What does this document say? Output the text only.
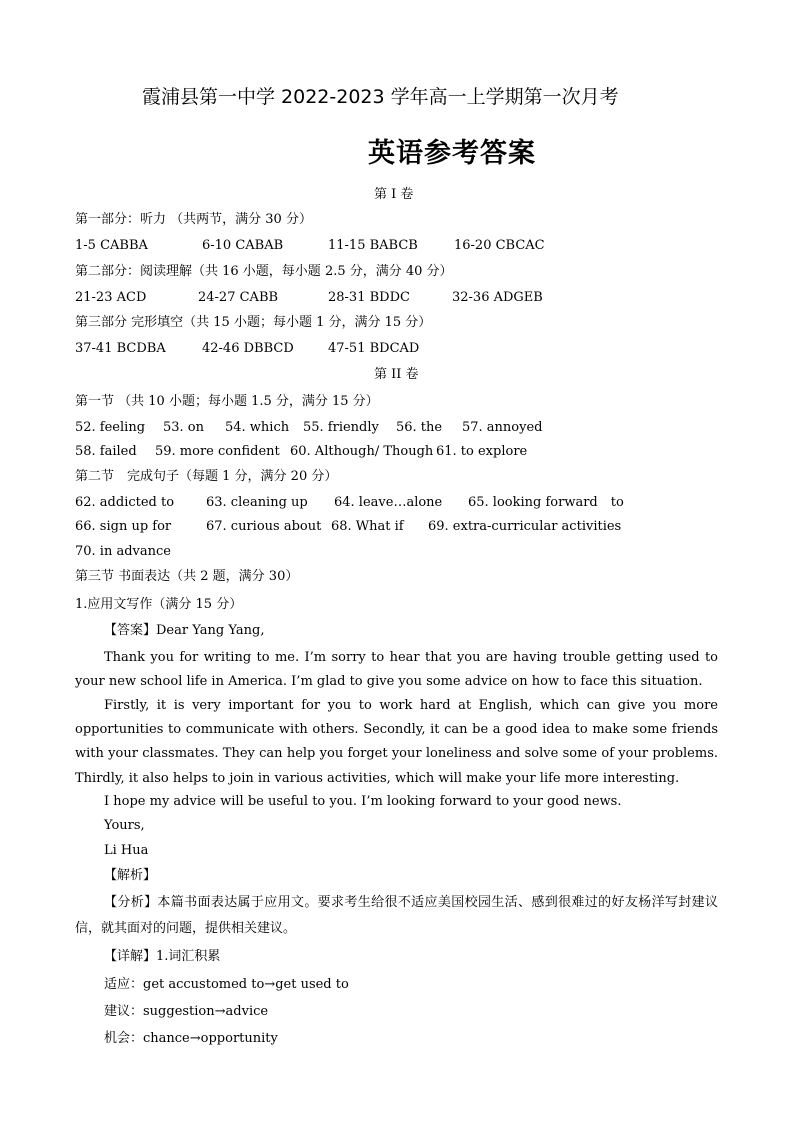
霞浦县第一中学 2022-2023 学年高一上学期第一次月考
英语参考答案
第 I 卷
第一部分：听力 （共两节，满分 30 分）
1-5 CABBA	6-10 CABAB	11-15 BABCB	16-20 CBCAC
第二部分：阅读理解（共 16 小题，每小题 2.5 分，满分 40 分）
21-23 ACD	24-27 CABB	28-31 BDDC	32-36 ADGEB
第三部分 完形填空（共 15 小题；每小题 1 分，满分 15 分）
37-41 BCDBA	42-46 DBBCD	47-51 BDCAD
第 II 卷
第一节 （共 10 小题；每小题 1.5 分，满分 15 分）
52. feeling 53. on 54. which 55. friendly 56. the 57. annoyed
58. failed 59. more confident 60. Although/ Though 61. to explore
第二节　完成句子（每题 1 分，满分 20 分）
62. addicted to 63. cleaning up 64. leave…alone 65. looking forward　to
66. sign up for	67. curious about 68. What if 69. extra-curricular activities
70. in advance
第三节 书面表达（共 2 题，满分 30）
1.应用文写作（满分 15 分）
【答案】Dear Yang Yang,
Thank you for writing to me. I’m sorry to hear that you are having trouble getting used to your new school life in America. I’m glad to give you some advice on how to face this situation.
Firstly, it is very important for you to work hard at English, which can give you more opportunities to communicate with others. Secondly, it can be a good idea to make some friends with your classmates. They can help you forget your loneliness and solve some of your problems. Thirdly, it also helps to join in various activities, which will make your life more interesting.
I hope my advice will be useful to you. I’m looking forward to your good news.
Yours,
Li Hua
【解析】
【分析】本篇书面表达属于应用文。要求考生给很不适应美国校园生活、感到很难过的好友杨洋写封建议信，就其面对的问题，提供相关建议。
【详解】1.词汇积累
适应：get accustomed to→get used to
建议：suggestion→advice
机会：chance→opportunity
